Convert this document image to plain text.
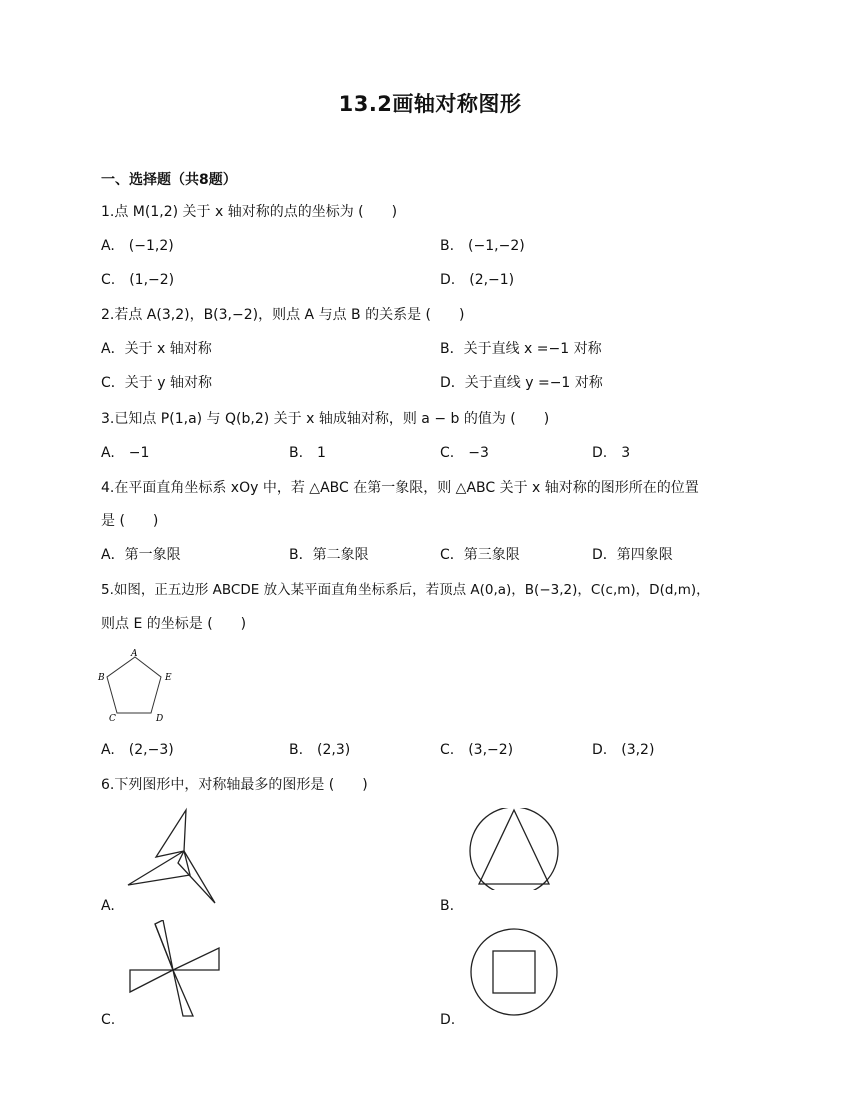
13.2画轴对称图形
一、选择题（共8题）
1.点 M(1,2) 关于 x 轴对称的点的坐标为 (　　)
A.　(−1,2)	B.　(−1,−2)
C.　(1,−2)	D.　(2,−1)
2.若点 A(3,2)，B(3,−2)，则点 A 与点 B 的关系是 (　　)
A．关于 x 轴对称	B．关于直线 x =−1 对称
C．关于 y 轴对称	D．关于直线 y =−1 对称
3.已知点 P(1,a) 与 Q(b,2) 关于 x 轴成轴对称，则 a − b 的值为 (　　)
A.　−1	B.　1	C.　−3	D.　3
4.在平面直角坐标系 xOy 中，若 △ABC 在第一象限，则 △ABC 关于 x 轴对称的图形所在的位置
是 (　　)
A．第一象限	B．第二象限	C．第三象限	D．第四象限
5.如图，正五边形 ABCDE 放入某平面直角坐标系后，若顶点 A(0,a)，B(−3,2)，C(c,m)，D(d,m)，
则点 E 的坐标是 (　　)
A
B
C	D
E
A.　(2,−3)	B.　(2,3)	C.　(3,−2)	D.　(3,2)
6.下列图形中，对称轴最多的图形是 (　　)
A.	B.
C.	D.
